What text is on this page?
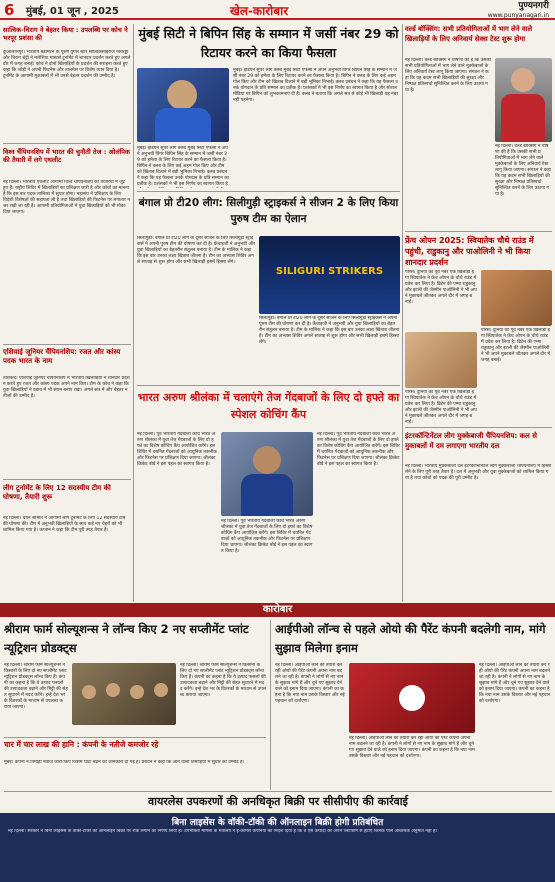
6 मुंबई, 01 जून , 2025	खेल-कारोबार	पुण्यनगरी
www.punyanagari.in
सात्विक-चिराग ने बेहतर किया : उपलब्धि पर कोच ने भरपूर प्रशंसा की
कुआलालंपुर। भारतीय बैडमिंटन के पुरुष युगल स्टार सात्विकसाईराज रंकीरेड्डी और चिराग शेट्टी ने मलेशिया मास्टर्स टूर्नामेंट में शानदार प्रदर्शन करते हुए अगले दौर में जगह बनाई। कोच ने दोनों खिलाड़ियों के प्रदर्शन की सराहना करते हुए कहा कि जोड़ी ने अपनी फिटनेस और तालमेल पर विशेष ध्यान दिया है। टूर्नामेंट के आगामी मुकाबलों में भी उनसे बेहतर प्रदर्शन की उम्मीद है।
विश्व चैंपियनशिप में भारत की चुनौती तेज : ओलंपिक की तैयारी में लगे एथलीट
नई दिल्ली। भारतीय एथलीट आगामी विश्व चैंपियनशिप की तैयारियों में जुटे हुए हैं। राष्ट्रीय शिविर में खिलाड़ियों का प्रशिक्षण जारी है और कोचों का मानना है कि इस बार पदक तालिका में सुधार होगा। महासंघ ने प्रशिक्षण के लिए विदेशी विशेषज्ञों की सहायता ली है तथा खिलाड़ियों की फिटनेस पर लगातार नजर रखी जा रही है। आगामी प्रतियोगिताओं में युवा खिलाड़ियों को भी मौका दिया जाएगा।
एशियाई जूनियर चैंपियनशिप: रजत और कांस्य पदक भारत के नाम
ताशकंद। एशियाई जूनियर चैंपियनशिप में भारतीय खिलाड़ियों ने शानदार प्रदर्शन करते हुए रजत और कांस्य पदक अपने नाम किए। टीम के कोच ने कहा कि युवा खिलाड़ियों ने दबाव में भी संयम बनाए रखा। अगले सत्र में और बेहतर नतीजों की उम्मीद है।
लीग टूर्नामेंट के लिए 12 सदस्यीय टीम की घोषणा, तैयारी शुरू
नई दिल्ली। चयन समिति ने आगामी लीग टूर्नामेंट के लिए 12 सदस्यीय टीम की घोषणा की। टीम में अनुभवी खिलाड़ियों के साथ कई नए चेहरों को भी शामिल किया गया है। कप्तान ने कहा कि टीम पूरी तरह तैयार है।
मुंबई सिटी ने बिपिन सिंह के सम्मान में जर्सी नंबर 29 को रिटायर करने का किया फैसला
मुंबई। इंडियन सुपर लीग क्लब मुंबई सिटी एफसी ने अपने अनुभवी विंगर बिपिन सिंह के सम्मान में जर्सी नंबर 29 को हमेशा के लिए रिटायर करने का फैसला किया है। बिपिन ने क्लब के लिए कई अहम गोल किए और टीम को खिताब दिलाने में बड़ी भूमिका निभाई। क्लब प्रबंधन ने कहा कि यह फैसला उनके योगदान के प्रति सम्मान का प्रतीक है। प्रशंसकों ने भी इस निर्णय का स्वागत किया है और सोशल मीडिया पर बिपिन को शुभकामनाएं दी हैं। क्लब ने बताया कि अगले सत्र से कोई भी खिलाड़ी यह नंबर नहीं पहनेगा।
मुंबई। इंडियन सुपर लीग क्लब मुंबई सिटी एफसी ने अपने अनुभवी विंगर बिपिन सिंह के सम्मान में जर्सी नंबर 29 को हमेशा के लिए रिटायर करने का फैसला किया है। बिपिन ने क्लब के लिए कई अहम गोल किए और टीम को खिताब दिलाने में बड़ी भूमिका निभाई। क्लब प्रबंधन ने कहा कि यह फैसला उनके योगदान के प्रति सम्मान का प्रतीक है। प्रशंसकों ने भी इस निर्णय का स्वागत किया है
बंगाल प्रो टी20 लीग: सिलीगुड़ी स्ट्राइकर्स ने सीजन 2 के लिए किया पुरुष टीम का ऐलान
सिलीगुड़ी। बंगाल प्रो टी20 लीग के दूसरे सीजन के लिए सिलीगुड़ी स्ट्राइकर्स ने अपनी पुरुष टीम की घोषणा कर दी है। फ्रेंचाइजी ने अनुभवी और युवा खिलाड़ियों का बेहतरीन संतुलन बनाया है। टीम के मालिक ने कहा कि इस बार उनका लक्ष्य खिताब जीतना है। टीम का अभ्यास शिविर अगले सप्ताह से शुरू होगा और सभी खिलाड़ी इसमें हिस्सा लेंगे।
SILIGURI STRIKERS
सिलीगुड़ी। बंगाल प्रो टी20 लीग के दूसरे सीजन के लिए सिलीगुड़ी स्ट्राइकर्स ने अपनी पुरुष टीम की घोषणा कर दी है। फ्रेंचाइजी ने अनुभवी और युवा खिलाड़ियों का बेहतरीन संतुलन बनाया है। टीम के मालिक ने कहा कि इस बार उनका लक्ष्य खिताब जीतना है। टीम का अभ्यास शिविर अगले सप्ताह से शुरू होगा और सभी खिलाड़ी इसमें हिस्सा लेंगे।
भारत अरुण श्रीलंका में चलाएंगे तेज गेंदबाजों के लिए दो हफ्ते का स्पेशल कोचिंग कैंप
नई दिल्ली। पूर्व भारतीय गेंदबाजी कोच भारत अरुण श्रीलंका में युवा तेज गेंदबाजों के लिए दो हफ्ते का विशेष कोचिंग कैंप आयोजित करेंगे। इस शिविर में चयनित गेंदबाजों को आधुनिक तकनीक और फिटनेस पर प्रशिक्षण दिया जाएगा। श्रीलंका क्रिकेट बोर्ड ने इस पहल का स्वागत किया है।
नई दिल्ली। पूर्व भारतीय गेंदबाजी कोच भारत अरुण श्रीलंका में युवा तेज गेंदबाजों के लिए दो हफ्ते का विशेष कोचिंग कैंप आयोजित करेंगे। इस शिविर में चयनित गेंदबाजों को आधुनिक तकनीक और फिटनेस पर प्रशिक्षण दिया जाएगा। श्रीलंका क्रिकेट बोर्ड ने इस पहल का स्वागत किया है।
नई दिल्ली। पूर्व भारतीय गेंदबाजी कोच भारत अरुण श्रीलंका में युवा तेज गेंदबाजों के लिए दो हफ्ते का विशेष कोचिंग कैंप आयोजित करेंगे। इस शिविर में चयनित गेंदबाजों को आधुनिक तकनीक और फिटनेस पर प्रशिक्षण दिया जाएगा। श्रीलंका क्रिकेट बोर्ड ने इस पहल का स्वागत किया है।
वर्ल्ड बॉक्सिंग: सभी प्रतियोगिताओं में भाग लेने वाले खिलाड़ियों के लिए अनिवार्य सेक्स टेस्ट शुरू होगा
नई दिल्ली। वर्ल्ड बॉक्सिंग ने घोषणा की है कि उसकी सभी प्रतियोगिताओं में भाग लेने वाले मुक्केबाजों के लिए अनिवार्य टेस्ट लागू किया जाएगा। संगठन ने कहा कि यह कदम सभी खिलाड़ियों की सुरक्षा और निष्पक्ष प्रतिस्पर्धा सुनिश्चित करने के लिए उठाया गया है।
नई दिल्ली। वर्ल्ड बॉक्सिंग ने घोषणा की है कि उसकी सभी प्रतियोगिताओं में भाग लेने वाले मुक्केबाजों के लिए अनिवार्य टेस्ट लागू किया जाएगा। संगठन ने कहा कि यह कदम सभी खिलाड़ियों की सुरक्षा और निष्पक्ष प्रतिस्पर्धा सुनिश्चित करने के लिए उठाया गया है।
फ्रेंच ओपन 2025: स्वियातेक चौथे राउंड में पहुंची, राडुकानु और पाओलिनी ने भी किया शानदार प्रदर्शन
पेरिस। दुनिया की पूर्व नंबर एक खिलाड़ी इगा स्वियातेक ने फ्रेंच ओपन के चौथे राउंड में प्रवेश कर लिया है। ब्रिटेन की एम्मा राडुकानु और इटली की जैस्मीन पाओलिनी ने भी अपने मुकाबले जीतकर अगले दौर में जगह बनाई।
पेरिस। दुनिया की पूर्व नंबर एक खिलाड़ी इगा स्वियातेक ने फ्रेंच ओपन के चौथे राउंड में प्रवेश कर लिया है। ब्रिटेन की एम्मा राडुकानु और इटली की जैस्मीन पाओलिनी ने भी अपने मुकाबले जीतकर अगले दौर में जगह बनाई।
पेरिस। दुनिया की पूर्व नंबर एक खिलाड़ी इगा स्वियातेक ने फ्रेंच ओपन के चौथे राउंड में प्रवेश कर लिया है। ब्रिटेन की एम्मा राडुकानु और इटली की जैस्मीन पाओलिनी ने भी अपने मुकाबले जीतकर अगले दौर में जगह बनाई।
इंटरकॉन्टिनेंटल लीग मुक्केबाजी चैंपियनशिप: कल से मुकाबलों में दम लगाएगा भारतीय दल
नई दिल्ली। भारतीय मुक्केबाजी दल इंटरकॉन्टिनेंटल लीग मुक्केबाजी चैंपियनशिप में हिस्सा लेने के लिए पूरी तरह तैयार है। दल में अनुभवी और युवा मुक्केबाजों को शामिल किया गया है तथा कोचों को पदक की पूरी उम्मीद है।
कारोबार
श्रीराम फार्म सोल्यूशन्स ने लॉन्च किए 2 नए सप्लीमेंट प्लांट न्यूट्रिशन प्रोडक्ट्स
नई दिल्ली। श्रीराम फार्म सोल्यूशन्स ने किसानों के लिए दो नए सप्लीमेंट प्लांट न्यूट्रिशन प्रोडक्ट्स लॉन्च किए हैं। कंपनी का कहना है कि ये उत्पाद फसलों की उत्पादकता बढ़ाने और मिट्टी की सेहत सुधारने में मदद करेंगे। इन्हें देश भर के वितरकों के माध्यम से उपलब्ध कराया जाएगा।
नई दिल्ली। श्रीराम फार्म सोल्यूशन्स ने किसानों के लिए दो नए सप्लीमेंट प्लांट न्यूट्रिशन प्रोडक्ट्स लॉन्च किए हैं। कंपनी का कहना है कि ये उत्पाद फसलों की उत्पादकता बढ़ाने और मिट्टी की सेहत सुधारने में मदद करेंगे। इन्हें देश भर के वितरकों के माध्यम से उपलब्ध कराया जाएगा।
चार में चार लाख की हानि : कंपनी के नतीजे कमजोर रहे
मुंबई। कंपनी ने तिमाही नतीजे जारी किए जिसमें घाटा बढ़ने की जानकारी दी गई है। प्रबंधन ने कहा कि आने वाली तिमाहियों में सुधार की उम्मीद है।
आईपीओ लॉन्च से पहले ओयो की पैरेंट कंपनी बदलेगी नाम, मांगे सुझाव मिलेगा इनाम
नई दिल्ली। आईपीओ लाने की तैयारी कर रही ओयो की पैरेंट कंपनी अपना नाम बदलने जा रही है। कंपनी ने लोगों से नए नाम के सुझाव मांगे हैं और चुने गए सुझाव देने वाले को इनाम दिया जाएगा। कंपनी का कहना है कि नया नाम उसके विस्तार और नई पहचान को दर्शाएगा।
नई दिल्ली। आईपीओ लाने की तैयारी कर रही ओयो की पैरेंट कंपनी अपना नाम बदलने जा रही है। कंपनी ने लोगों से नए नाम के सुझाव मांगे हैं और चुने गए सुझाव देने वाले को इनाम दिया जाएगा। कंपनी का कहना है कि नया नाम उसके विस्तार और नई पहचान को दर्शाएगा।
नई दिल्ली। आईपीओ लाने की तैयारी कर रही ओयो की पैरेंट कंपनी अपना नाम बदलने जा रही है। कंपनी ने लोगों से नए नाम के सुझाव मांगे हैं और चुने गए सुझाव देने वाले को इनाम दिया जाएगा। कंपनी का कहना है कि नया नाम उसके विस्तार और नई पहचान को दर्शाएगा।
वायरलेस उपकरणों की अनधिकृत बिक्री पर सीसीपीए की कार्रवाई
बिना लाइसेंस के वॉकी-टॉकी की ऑनलाइन बिक्री होगी प्रतिबंधित
नई दिल्ली। सरकार ने बिना लाइसेंस के वॉकी-टॉकी की ऑनलाइन बिक्री पर रोक लगाने का निर्णय लिया है। उपभोक्ता मामलों के मंत्रालय ने ई-कॉमर्स कंपनियों को निर्देश दिया है कि वे ऐसे उत्पादों को अपने प्लेटफॉर्म से हटाएं जिनके पास आवश्यक अनुमति नहीं है।
